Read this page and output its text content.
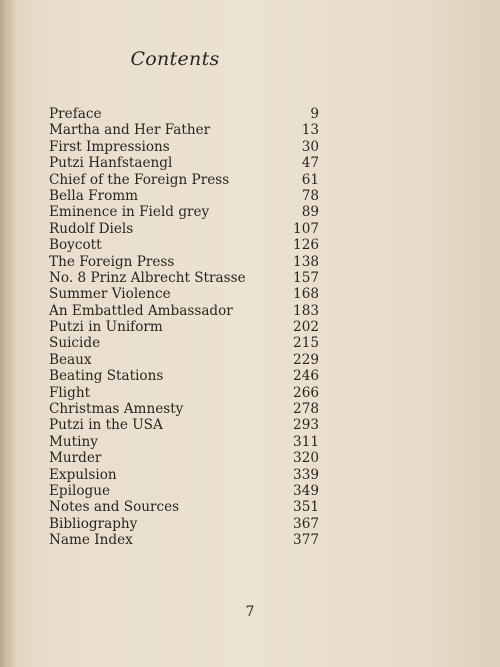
Contents
Preface	9
Martha and Her Father	13
First Impressions	30
Putzi Hanfstaengl	47
Chief of the Foreign Press	61
Bella Fromm	78
Eminence in Field grey	89
Rudolf Diels	107
Boycott	126
The Foreign Press	138
No. 8 Prinz Albrecht Strasse	157
Summer Violence	168
An Embattled Ambassador	183
Putzi in Uniform	202
Suicide	215
Beaux	229
Beating Stations	246
Flight	266
Christmas Amnesty	278
Putzi in the USA	293
Mutiny	311
Murder	320
Expulsion	339
Epilogue	349
Notes and Sources	351
Bibliography	367
Name Index	377
7
